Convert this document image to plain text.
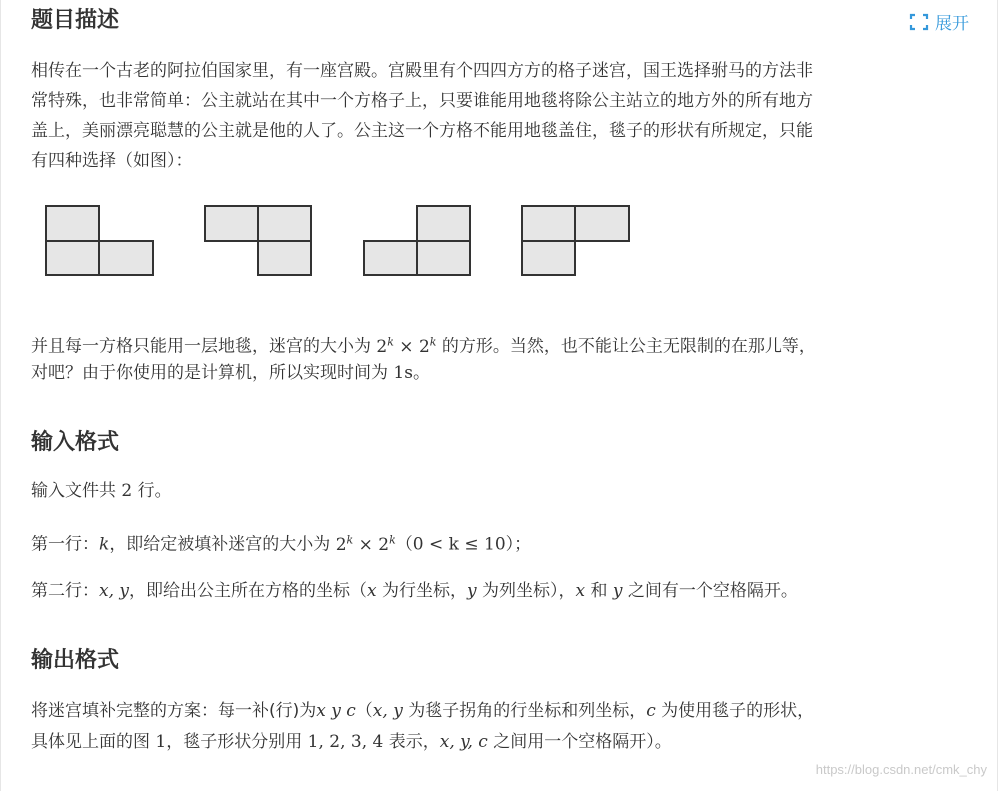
题目描述	展开

相传在一个古老的阿拉伯国家里，有一座宫殿。宫殿里有个四四方方的格子迷宫，国王选择驸马的方法非

常特殊，也非常简单：公主就站在其中一个方格子上，只要谁能用地毯将除公主站立的地方外的所有地方

盖上，美丽漂亮聪慧的公主就是他的人了。公主这一个方格不能用地毯盖住，毯子的形状有所规定，只能

有四种选择（如图）：

并且每一方格只能用一层地毯，迷宫的大小为 $2^k \times 2^k$ 的方形。当然，也不能让公主无限制的在那儿等，

对吧？由于你使用的是计算机，所以实现时间为 1s。

输入格式

输入文件共 2 行。

第一行：k，即给定被填补迷宫的大小为 $2^k \times 2^k(0 < k \le 10)$；

第二行：x, y，即给出公主所在方格的坐标（x 为行坐标，y 为列坐标），x 和 y 之间有一个空格隔开。

输出格式

将迷宫填补完整的方案：每一补(行)为x y c（x, y 为毯子拐角的行坐标和列坐标，c 为使用毯子的形状，

具体见上面的图 1，毯子形状分别用 1, 2, 3, 4 表示，x, y, c 之间用一个空格隔开）。

https://blog.csdn.net/cmk_chy
